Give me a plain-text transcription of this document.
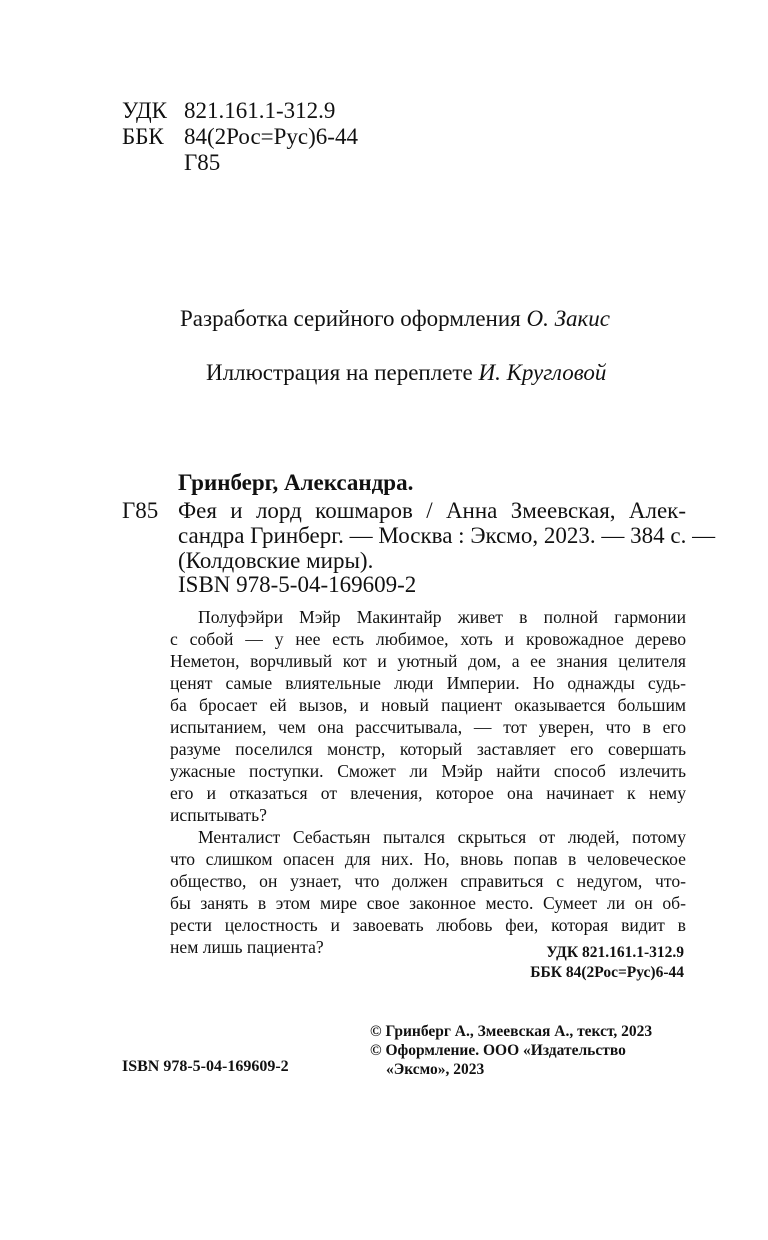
УДК 821.161.1-312.9
ББК 84(2Рос=Рус)6-44
Г85
Разработка серийного оформления О. Закис
Иллюстрация на переплете И. Кругловой
Гринберг, Александра.
Г85 Фея и лорд кошмаров / Анна Змеевская, Алек-
сандра Гринберг. — Москва : Эксмо, 2023. — 384 с. —
(Колдовские миры).
ISBN 978-5-04-169609-2
Полуфэйри Мэйр Макинтайр живет в полной гармонии
с собой — у нее есть любимое, хоть и кровожадное дерево
Неметон, ворчливый кот и уютный дом, а ее знания целителя
ценят самые влиятельные люди Империи. Но однажды судь-
ба бросает ей вызов, и новый пациент оказывается большим
испытанием, чем она рассчитывала, — тот уверен, что в его
разуме поселился монстр, который заставляет его совершать
ужасные поступки. Сможет ли Мэйр найти способ излечить
его и отказаться от влечения, которое она начинает к нему
испытывать?
Менталист Себастьян пытался скрыться от людей, потому
что слишком опасен для них. Но, вновь попав в человеческое
общество, он узнает, что должен справиться с недугом, что-
бы занять в этом мире свое законное место. Сумеет ли он об-
рести целостность и завоевать любовь феи, которая видит в
нем лишь пациента?	УДК 821.161.1-312.9
ББК 84(2Рос=Рус)6-44
ISBN 978-5-04-169609-2
© Гринберг А., Змеевская А., текст, 2023
© Оформление. ООО «Издательство
«Эксмо», 2023
